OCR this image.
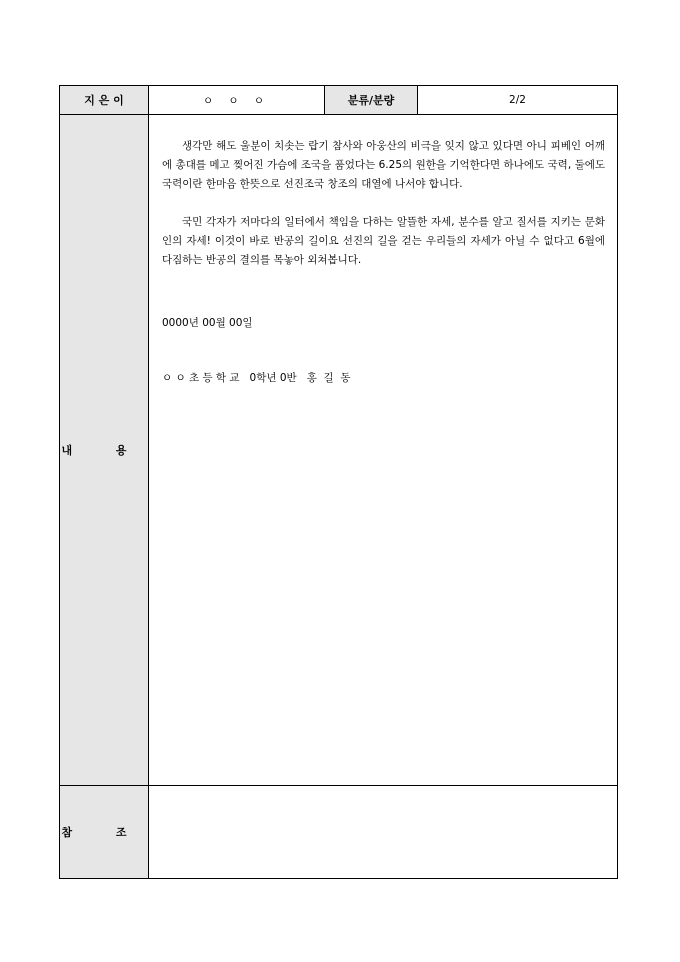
지 은 이	ㅇ ㅇ ㅇ	분류/분량	2/2
내 용	생각만 해도 울분이 치솟는 랍기 참사와 아웅산의 비극을 잊지 않고 있다면 아니 피베인 어깨에 총대를 메고 찢어진 가슴에 조국을 품었다는 6.25의 원한을 기억한다면 하나에도 국력, 둘에도 국력이란 한마음 한뜻으로 선진조국 창조의 대열에 나서야 합니다.

국민 각자가 저마다의 일터에서 책임을 다하는 알뜰한 자세, 분수를 알고 질서를 지키는 문화인의 자세! 이것이 바로 반공의 길이요 선진의 길을 걷는 우리들의 자세가 아닐 수 없다고 6월에 다짐하는 반공의 결의를 목놓아 외쳐봅니다.

0000년 00월 00일

ㅇ ㅇ 초 등 학 교   0학년 0반   홍  길  동		

참 조			
